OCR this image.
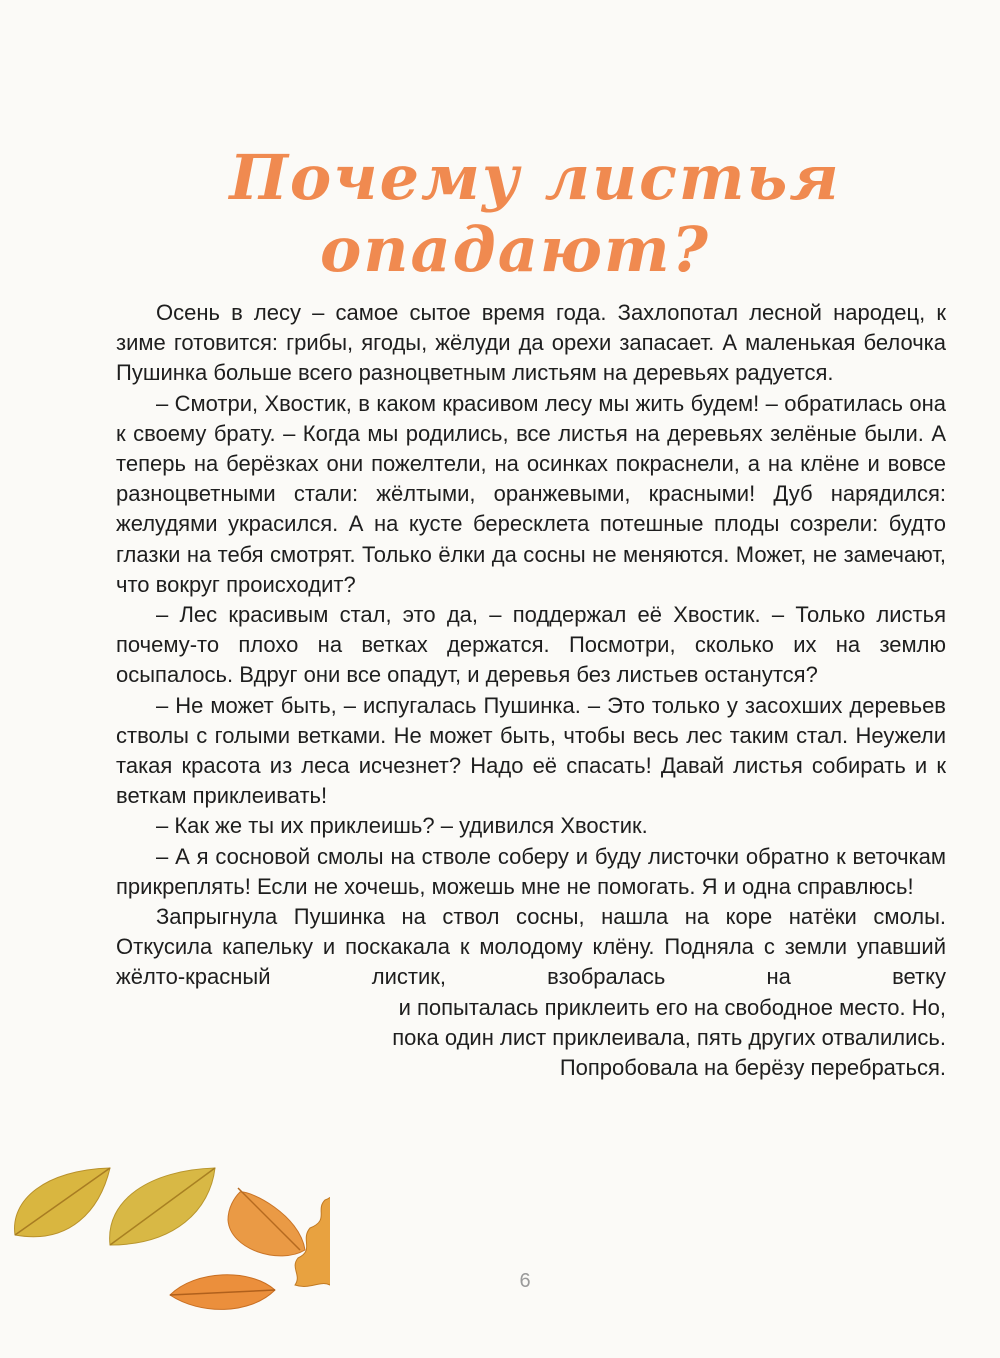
Почему листья
опадают?

Осень в лесу – самое сытое время года. Захлопотал лесной народец, к зиме готовится: грибы, ягоды, жёлуди да орехи запасает. А маленькая белочка Пушинка больше всего разноцветным листьям на деревьях радуется.

– Смотри, Хвостик, в каком красивом лесу мы жить будем! – обратилась она к своему брату. – Когда мы родились, все листья на деревьях зелёные были. А теперь на берёзках они пожелтели, на осинках покраснели, а на клёне и вовсе разноцветными стали: жёлтыми, оранжевыми, красными! Дуб нарядился: желудями украсился. А на кусте бересклета потешные плоды созрели: будто глазки на тебя смотрят. Только ёлки да сосны не меняются. Может, не замечают, что вокруг происходит?

– Лес красивым стал, это да, – поддержал её Хвостик. – Только листья почему-то плохо на ветках держатся. Посмотри, сколько их на землю осыпалось. Вдруг они все опадут, и деревья без листьев останутся?

– Не может быть, – испугалась Пушинка. – Это только у засохших деревьев стволы с голыми ветками. Не может быть, чтобы весь лес таким стал. Неужели такая красота из леса исчезнет? Надо её спасать! Давай листья собирать и к веткам приклеивать!

– Как же ты их приклеишь? – удивился Хвостик.

– А я сосновой смолы на стволе соберу и буду листочки обратно к веточкам прикреплять! Если не хочешь, можешь мне не помогать. Я и одна справлюсь!

Запрыгнула Пушинка на ствол сосны, нашла на коре натёки смолы. Откусила капельку и поскакала к молодому клёну. Подняла с земли упавший жёлто-красный листик, взобралась на ветку

и попыталась приклеить его на свободное место. Но,
пока один лист приклеивала, пять других отвалились.
Попробовала на берёзу перебраться.

6
